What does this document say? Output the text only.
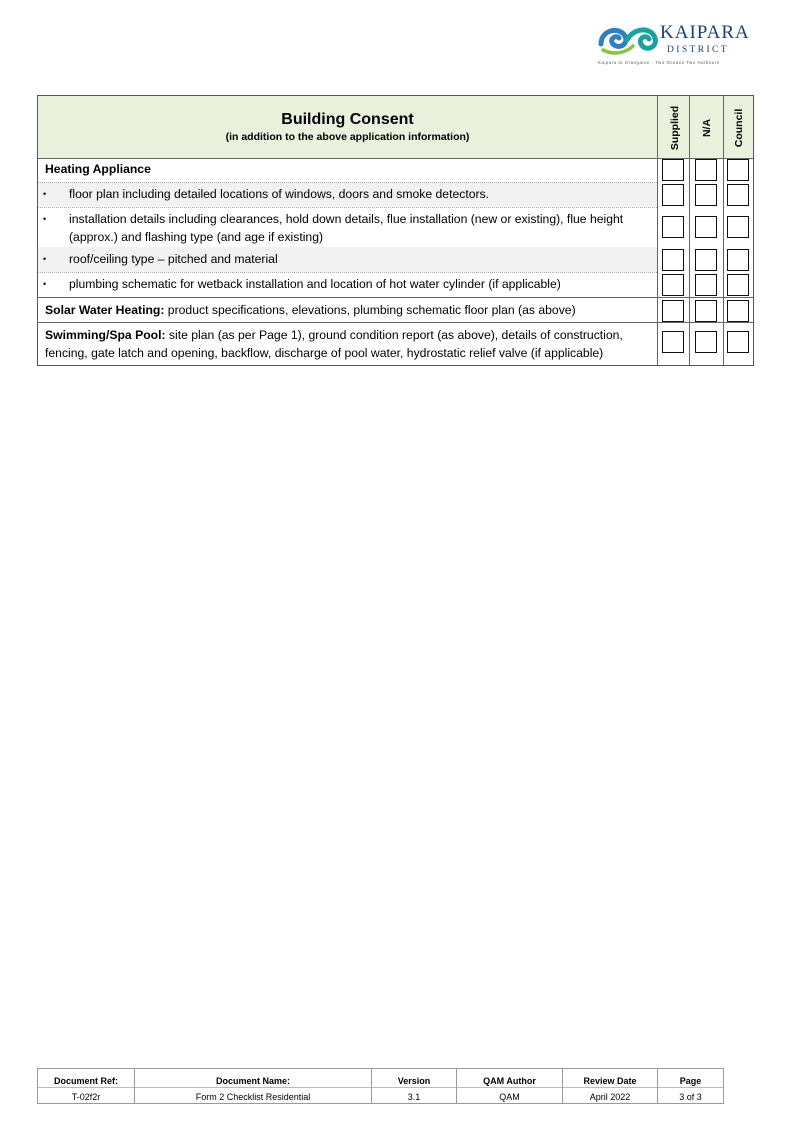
KAIPARA
DISTRICT
Kaipara te Oranganui · Two Oceans Two Harbours
Building Consent
(in addition to the above application information)	Supplied N/A Council
Heating Appliance
• floor plan including detailed locations of windows, doors and smoke detectors.
• installation details including clearances, hold down details, flue installation (new or existing), flue height (approx.) and flashing type (and age if existing)
• roof/ceiling type – pitched and material
• plumbing schematic for wetback installation and location of hot water cylinder (if applicable)
Solar Water Heating: product specifications, elevations, plumbing schematic floor plan (as above)
Swimming/Spa Pool: site plan (as per Page 1), ground condition report (as above), details of construction, fencing, gate latch and opening, backflow, discharge of pool water, hydrostatic relief valve (if applicable)
Document Ref:
T-02f2r
Document Name:
Form 2 Checklist Residential
Version
3.1
QAM Author
QAM
Review Date
April 2022
Page
3 of 3
